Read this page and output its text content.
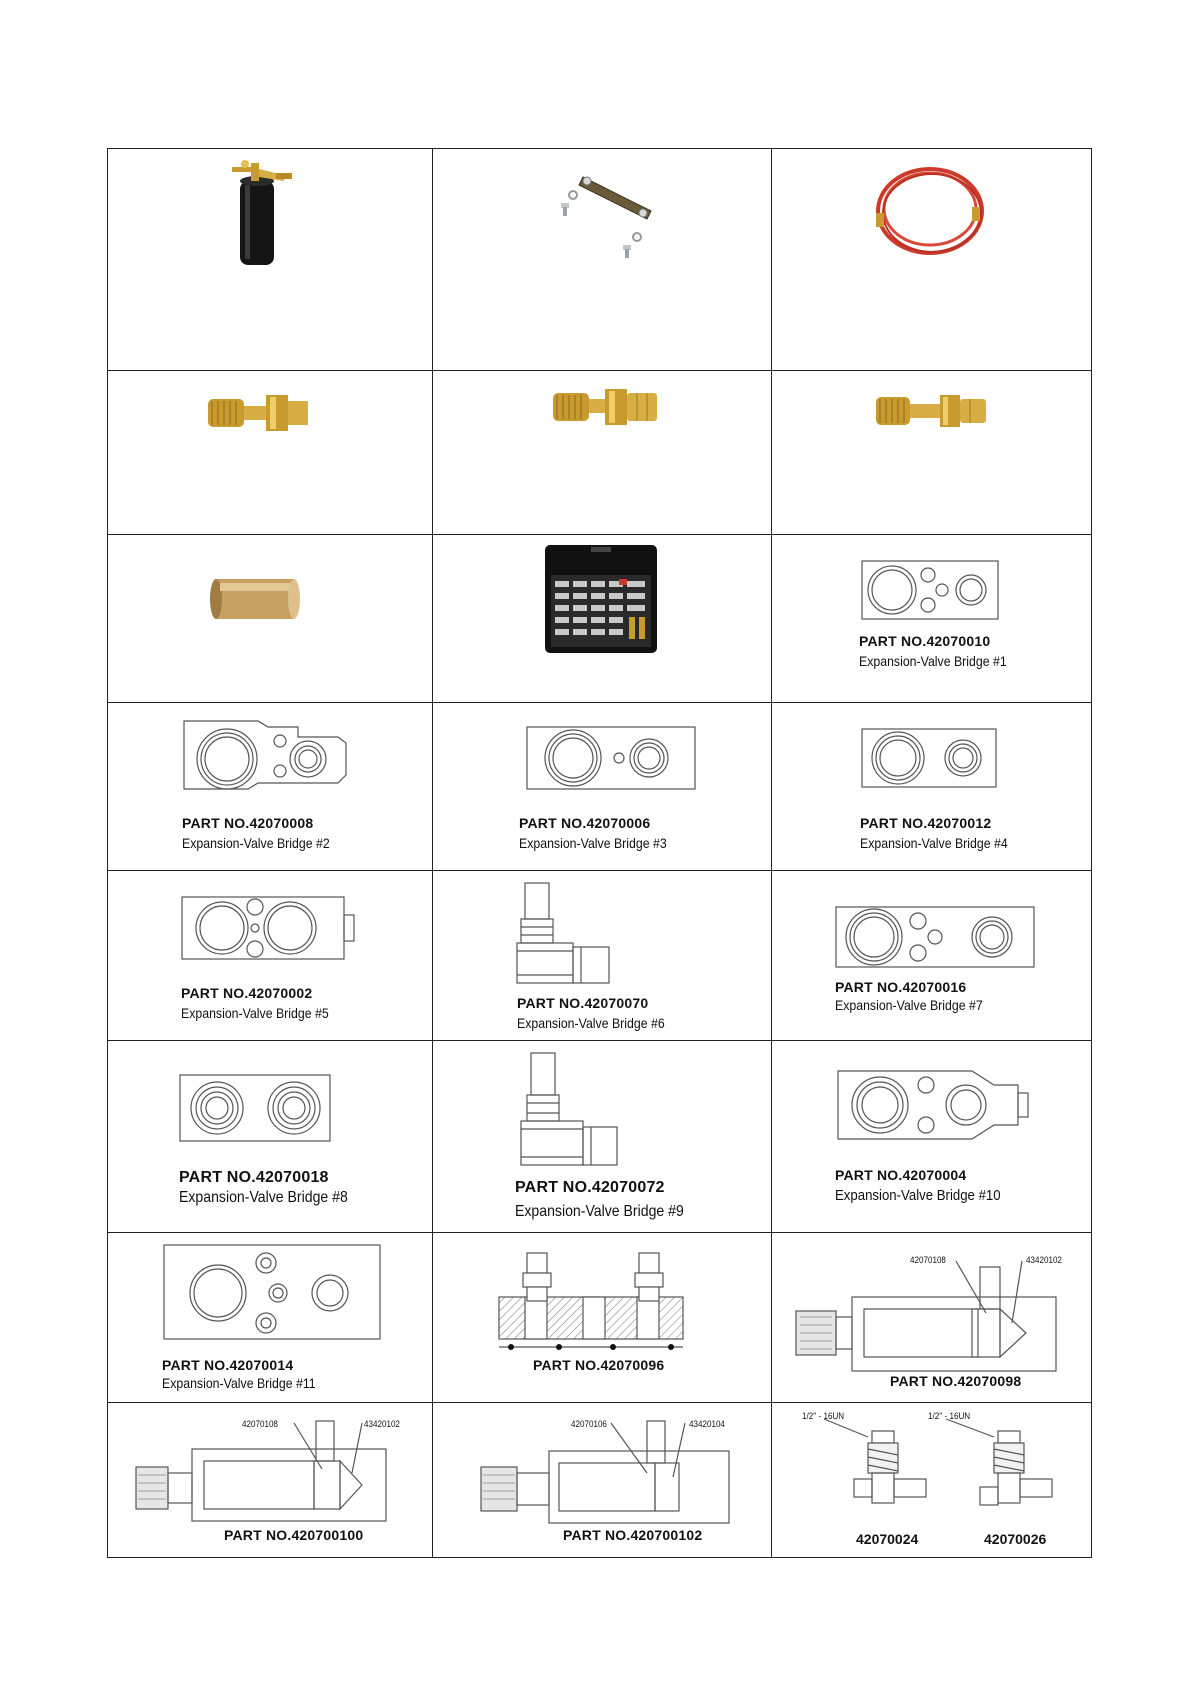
PART NO.42070010
Expansion-Valve Bridge #1
PART NO.42070008
Expansion-Valve Bridge #2
PART NO.42070006
Expansion-Valve Bridge #3
PART NO.42070012
Expansion-Valve Bridge #4
PART NO.42070002
Expansion-Valve Bridge #5
PART NO.42070070
Expansion-Valve Bridge #6
PART NO.42070016
Expansion-Valve Bridge #7
PART NO.42070018
Expansion-Valve Bridge #8
PART NO.42070072
Expansion-Valve Bridge #9
PART NO.42070004
Expansion-Valve Bridge #10
PART NO.42070014
Expansion-Valve Bridge #11
PART NO.42070096
42070108	43420102
PART NO.42070098
42070108	43420102
PART NO.420700100
42070106	43420104
PART NO.420700102
1/2'' - 16UN	1/2'' - 16UN
42070024	42070026
